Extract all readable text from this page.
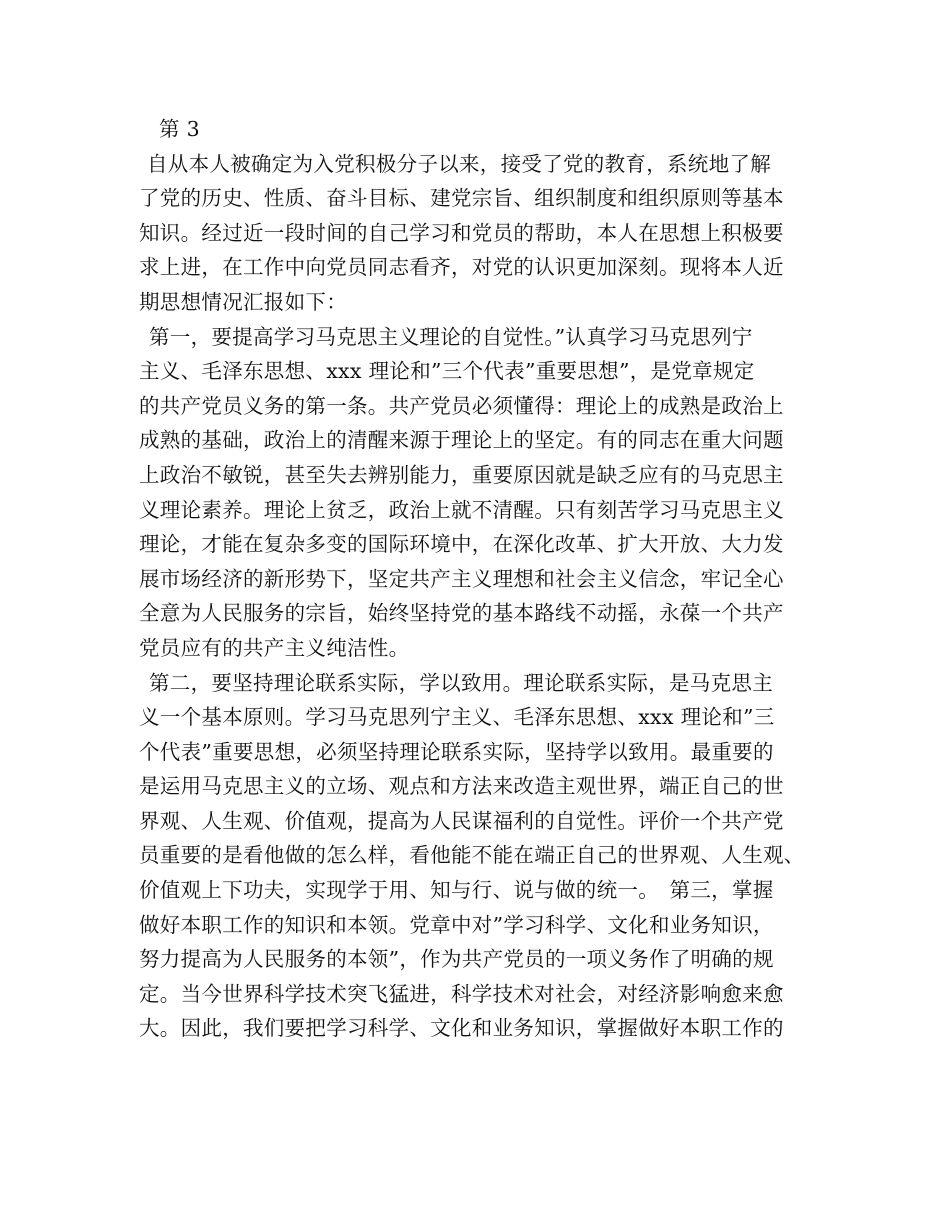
第 3
自从本人被确定为入党积极分子以来，接受了党的教育，系统地了解
了党的历史、性质、奋斗目标、建党宗旨、组织制度和组织原则等基本
知识。经过近一段时间的自己学习和党员的帮助，本人在思想上积极要
求上进，在工作中向党员同志看齐，对党的认识更加深刻。现将本人近
期思想情况汇报如下：
第一，要提高学习马克思主义理论的自觉性。”认真学习马克思列宁
主义、毛泽东思想、xxx 理论和”三个代表”重要思想”，是党章规定
的共产党员义务的第一条。共产党员必须懂得：理论上的成熟是政治上
成熟的基础，政治上的清醒来源于理论上的坚定。有的同志在重大问题
上政治不敏锐，甚至失去辨别能力，重要原因就是缺乏应有的马克思主
义理论素养。理论上贫乏，政治上就不清醒。只有刻苦学习马克思主义
理论，才能在复杂多变的国际环境中，在深化改革、扩大开放、大力发
展市场经济的新形势下，坚定共产主义理想和社会主义信念，牢记全心
全意为人民服务的宗旨，始终坚持党的基本路线不动摇，永葆一个共产
党员应有的共产主义纯洁性。
第二，要坚持理论联系实际，学以致用。理论联系实际，是马克思主
义一个基本原则。学习马克思列宁主义、毛泽东思想、xxx 理论和”三
个代表”重要思想，必须坚持理论联系实际，坚持学以致用。最重要的
是运用马克思主义的立场、观点和方法来改造主观世界，端正自己的世
界观、人生观、价值观，提高为人民谋福利的自觉性。评价一个共产党
员重要的是看他做的怎么样，看他能不能在端正自己的世界观、人生观、
价值观上下功夫，实现学于用、知与行、说与做的统一。　第三，掌握
做好本职工作的知识和本领。党章中对”学习科学、文化和业务知识，
努力提高为人民服务的本领”，作为共产党员的一项义务作了明确的规
定。当今世界科学技术突飞猛进，科学技术对社会，对经济影响愈来愈
大。因此，我们要把学习科学、文化和业务知识，掌握做好本职工作的
